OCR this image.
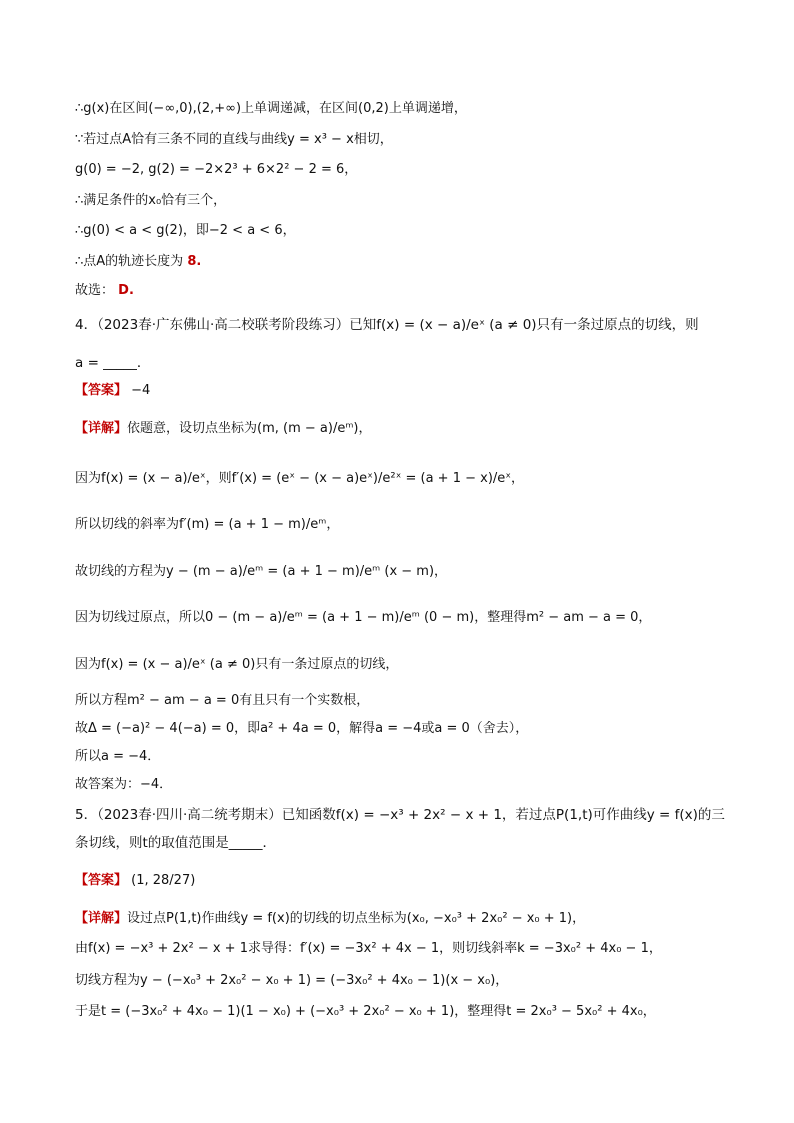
∴g(x)在区间(−∞,0),(2,+∞)上单调递减，在区间(0,2)上单调递增，
∵若过点A恰有三条不同的直线与曲线y = x³ − x相切，
g(0) = −2, g(2) = −2×2³ + 6×2² − 2 = 6，
∴满足条件的x₀恰有三个，
∴g(0) < a < g(2)，即−2 < a < 6，
∴点A的轨迹长度为 8.
故选： D.
4．（2023春·广东佛山·高二校联考阶段练习）已知f(x) = (x − a)/eˣ (a ≠ 0)只有一条过原点的切线，则
a = _____．
【答案】 −4
【详解】依题意，设切点坐标为(m, (m − a)/eᵐ)，
因为f(x) = (x − a)/eˣ，则f′(x) = (eˣ − (x − a)eˣ)/e²ˣ = (a + 1 − x)/eˣ，
所以切线的斜率为f′(m) = (a + 1 − m)/eᵐ，
故切线的方程为y − (m − a)/eᵐ = (a + 1 − m)/eᵐ (x − m)，
因为切线过原点，所以0 − (m − a)/eᵐ = (a + 1 − m)/eᵐ (0 − m)，整理得m² − am − a = 0，
因为f(x) = (x − a)/eˣ (a ≠ 0)只有一条过原点的切线，
所以方程m² − am − a = 0有且只有一个实数根，
故Δ = (−a)² − 4(−a) = 0，即a² + 4a = 0，解得a = −4或a = 0（舍去），
所以a = −4．
故答案为：−4．
5．（2023春·四川·高二统考期末）已知函数f(x) = −x³ + 2x² − x + 1，若过点P(1,t)可作曲线y = f(x)的三
条切线，则t的取值范围是_____．
【答案】 (1, 28/27)
【详解】设过点P(1,t)作曲线y = f(x)的切线的切点坐标为(x₀, −x₀³ + 2x₀² − x₀ + 1)，
由f(x) = −x³ + 2x² − x + 1求导得：f′(x) = −3x² + 4x − 1，则切线斜率k = −3x₀² + 4x₀ − 1，
切线方程为y − (−x₀³ + 2x₀² − x₀ + 1) = (−3x₀² + 4x₀ − 1)(x − x₀)，
于是t = (−3x₀² + 4x₀ − 1)(1 − x₀) + (−x₀³ + 2x₀² − x₀ + 1)，整理得t = 2x₀³ − 5x₀² + 4x₀，
